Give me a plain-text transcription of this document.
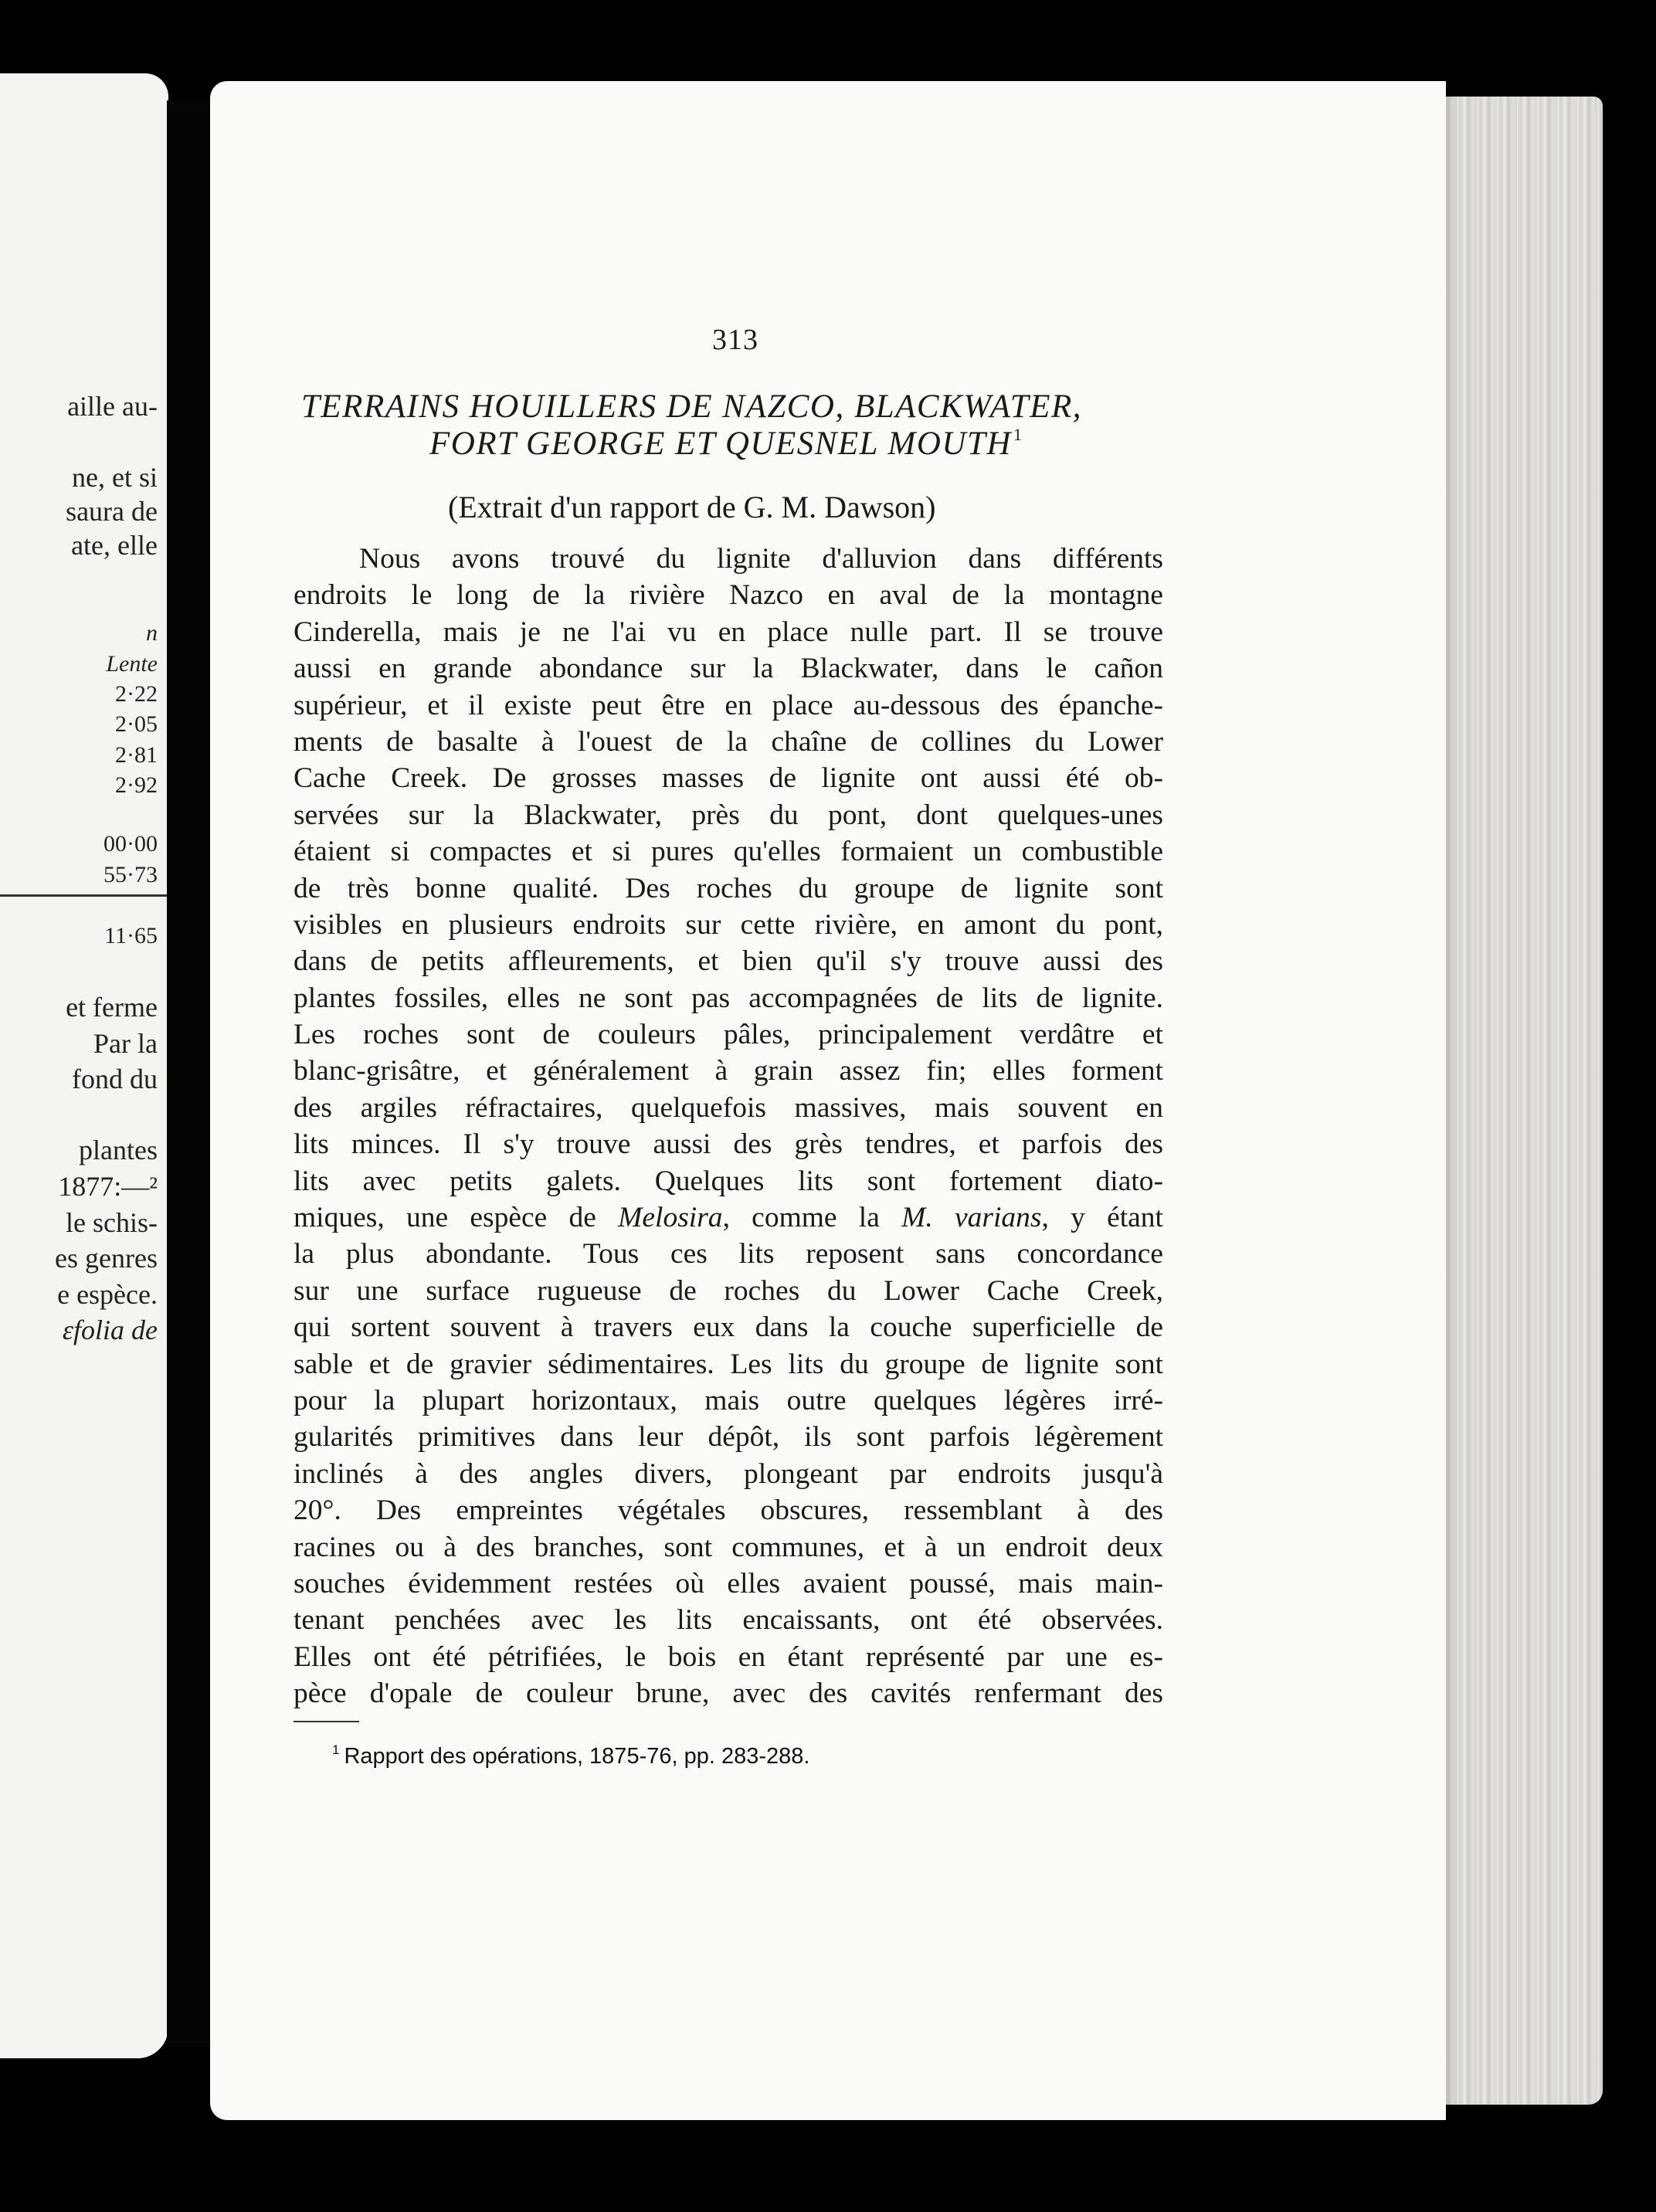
aille au-
ne, et si
saura de
ate, elle
n
Lente
2·22
2·05
2·81
2·92
00·00
55·73
11·65
et ferme
Par la
fond du
plantes
1877:—²
le schis-
es genres
e espèce.
ɛfolia de
313
TERRAINS HOUILLERS DE NAZCO, BLACKWATER,
FORT GEORGE ET QUESNEL MOUTH$^1$
(Extrait d'un rapport de G. M. Dawson)
Nous avons trouvé du lignite d'alluvion dans différents
endroits le long de la rivière Nazco en aval de la montagne
Cinderella, mais je ne l'ai vu en place nulle part. Il se trouve
aussi en grande abondance sur la Blackwater, dans le cañon
supérieur, et il existe peut être en place au-dessous des épanche-
ments de basalte à l'ouest de la chaîne de collines du Lower
Cache Creek. De grosses masses de lignite ont aussi été ob-
servées sur la Blackwater, près du pont, dont quelques-unes
étaient si compactes et si pures qu'elles formaient un combustible
de très bonne qualité. Des roches du groupe de lignite sont
visibles en plusieurs endroits sur cette rivière, en amont du pont,
dans de petits affleurements, et bien qu'il s'y trouve aussi des
plantes fossiles, elles ne sont pas accompagnées de lits de lignite.
Les roches sont de couleurs pâles, principalement verdâtre et
blanc-grisâtre, et généralement à grain assez fin; elles forment
des argiles réfractaires, quelquefois massives, mais souvent en
lits minces. Il s'y trouve aussi des grès tendres, et parfois des
lits avec petits galets. Quelques lits sont fortement diato-
miques, une espèce de Melosira, comme la M. varians, y étant
la plus abondante. Tous ces lits reposent sans concordance
sur une surface rugueuse de roches du Lower Cache Creek,
qui sortent souvent à travers eux dans la couche superficielle de
sable et de gravier sédimentaires. Les lits du groupe de lignite sont
pour la plupart horizontaux, mais outre quelques légères irré-
gularités primitives dans leur dépôt, ils sont parfois légèrement
inclinés à des angles divers, plongeant par endroits jusqu'à
20°. Des empreintes végétales obscures, ressemblant à des
racines ou à des branches, sont communes, et à un endroit deux
souches évidemment restées où elles avaient poussé, mais main-
tenant penchées avec les lits encaissants, ont été observées.
Elles ont été pétrifiées, le bois en étant représenté par une es-
pèce d'opale de couleur brune, avec des cavités renfermant des
$^1$ Rapport des opérations, 1875-76, pp. 283-288.
